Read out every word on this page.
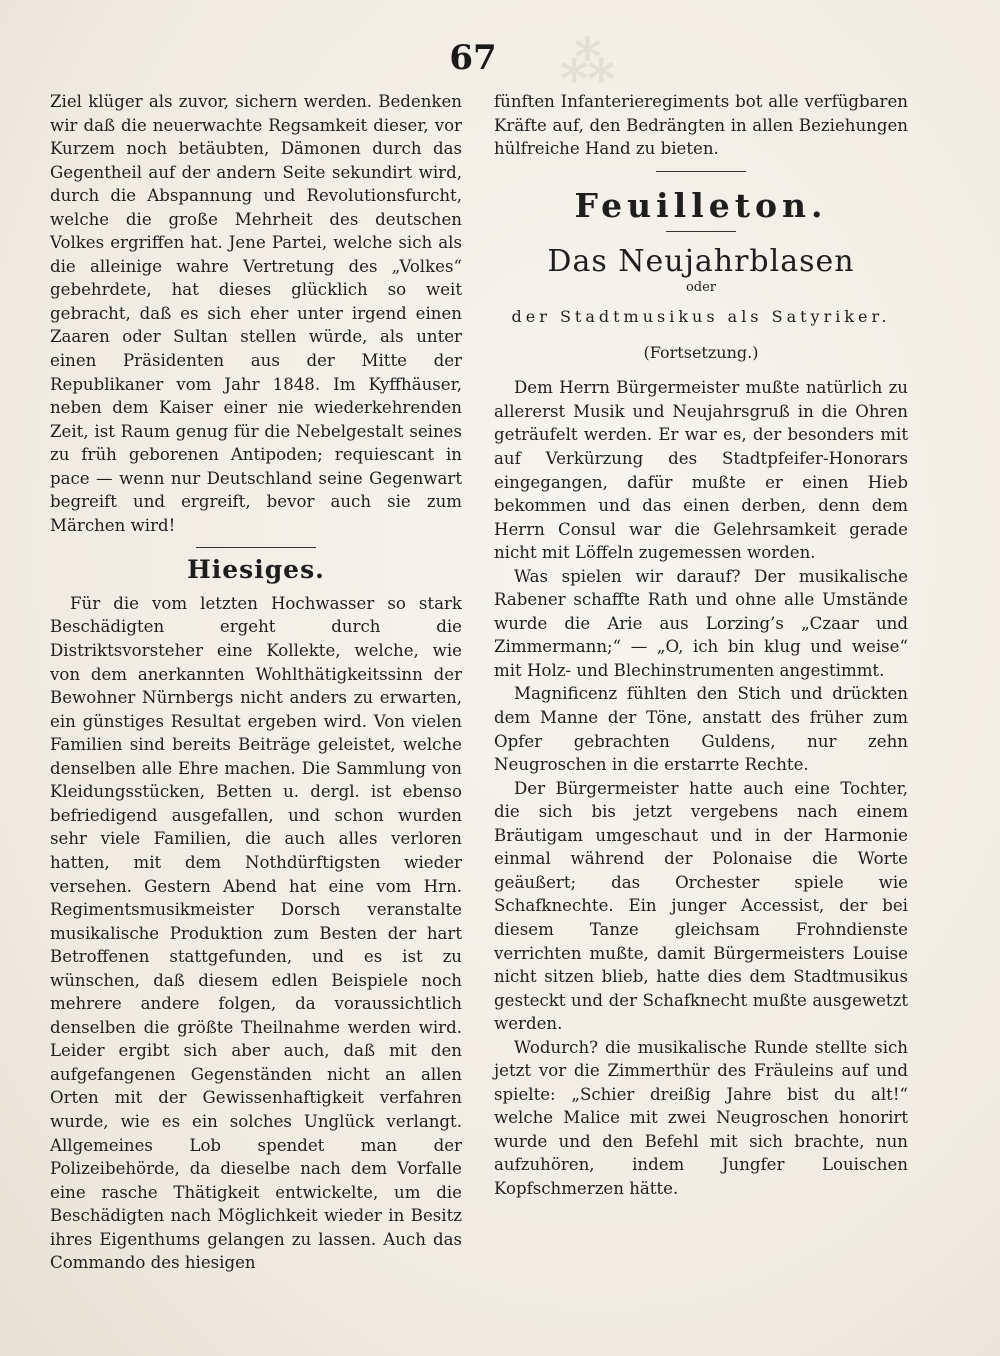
⁂
67

Ziel klüger als zuvor, sichern werden. Bedenken wir daß die neuerwachte Regsamkeit dieser, vor Kurzem noch betäubten, Dämonen durch das Gegentheil auf der andern Seite sekundirt wird, durch die Abspannung und Revolutionsfurcht, welche die große Mehrheit des deutschen Volkes ergriffen hat. Jene Partei, welche sich als die alleinige wahre Vertretung des „Volkes“ gebehrdete, hat dieses glücklich so weit gebracht, daß es sich eher unter irgend einen Zaaren oder Sultan stellen würde, als unter einen Präsidenten aus der Mitte der Republikaner vom Jahr 1848. Im Kyffhäuser, neben dem Kaiser einer nie wiederkehrenden Zeit, ist Raum genug für die Nebelgestalt seines zu früh geborenen Antipoden; requiescant in pace — wenn nur Deutschland seine Gegenwart begreift und ergreift, bevor auch sie zum Märchen wird!

Hiesiges.

Für die vom letzten Hochwasser so stark Beschädigten ergeht durch die Distriktsvorsteher eine Kollekte, welche, wie von dem anerkannten Wohlthätigkeitssinn der Bewohner Nürnbergs nicht anders zu erwarten, ein günstiges Resultat ergeben wird. Von vielen Familien sind bereits Beiträge geleistet, welche denselben alle Ehre machen. Die Sammlung von Kleidungsstücken, Betten u. dergl. ist ebenso befriedigend ausgefallen, und schon wurden sehr viele Familien, die auch alles verloren hatten, mit dem Nothdürftigsten wieder versehen. Gestern Abend hat eine vom Hrn. Regimentsmusikmeister Dorsch veranstalte musikalische Produktion zum Besten der hart Betroffenen stattgefunden, und es ist zu wünschen, daß diesem edlen Beispiele noch mehrere andere folgen, da voraussichtlich denselben die größte Theilnahme werden wird. Leider ergibt sich aber auch, daß mit den aufgefangenen Gegenständen nicht an allen Orten mit der Gewissenhaftigkeit verfahren wurde, wie es ein solches Unglück verlangt. Allgemeines Lob spendet man der Polizeibehörde, da dieselbe nach dem Vorfalle eine rasche Thätigkeit entwickelte, um die Beschädigten nach Möglichkeit wieder in Besitz ihres Eigenthums gelangen zu lassen. Auch das Commando des hiesigen

fünften Infanterieregiments bot alle verfügbaren Kräfte auf, den Bedrängten in allen Beziehungen hülfreiche Hand zu bieten.

Feuilleton.
Das Neujahrblasen
oder
der Stadtmusikus als Satyriker.
(Fortsetzung.)

Dem Herrn Bürgermeister mußte natürlich zu allererst Musik und Neujahrsgruß in die Ohren geträufelt werden. Er war es, der besonders mit auf Verkürzung des Stadtpfeifer-Honorars eingegangen, dafür mußte er einen Hieb bekommen und das einen derben, denn dem Herrn Consul war die Gelehrsamkeit gerade nicht mit Löffeln zugemessen worden.

Was spielen wir darauf? Der musikalische Rabener schaffte Rath und ohne alle Umstände wurde die Arie aus Lorzing’s „Czaar und Zimmermann;“ — „O, ich bin klug und weise“ mit Holz- und Blechinstrumenten angestimmt.

Magnificenz fühlten den Stich und drückten dem Manne der Töne, anstatt des früher zum Opfer gebrachten Guldens, nur zehn Neugroschen in die erstarrte Rechte.

Der Bürgermeister hatte auch eine Tochter, die sich bis jetzt vergebens nach einem Bräutigam umgeschaut und in der Harmonie einmal während der Polonaise die Worte geäußert; das Orchester spiele wie Schafknechte. Ein junger Accessist, der bei diesem Tanze gleichsam Frohndienste verrichten mußte, damit Bürgermeisters Louise nicht sitzen blieb, hatte dies dem Stadtmusikus gesteckt und der Schafknecht mußte ausgewetzt werden.

Wodurch? die musikalische Runde stellte sich jetzt vor die Zimmerthür des Fräuleins auf und spielte: „Schier dreißig Jahre bist du alt!“ welche Malice mit zwei Neugroschen honorirt wurde und den Befehl mit sich brachte, nun aufzuhören, indem Jungfer Louischen Kopfschmerzen hätte.
